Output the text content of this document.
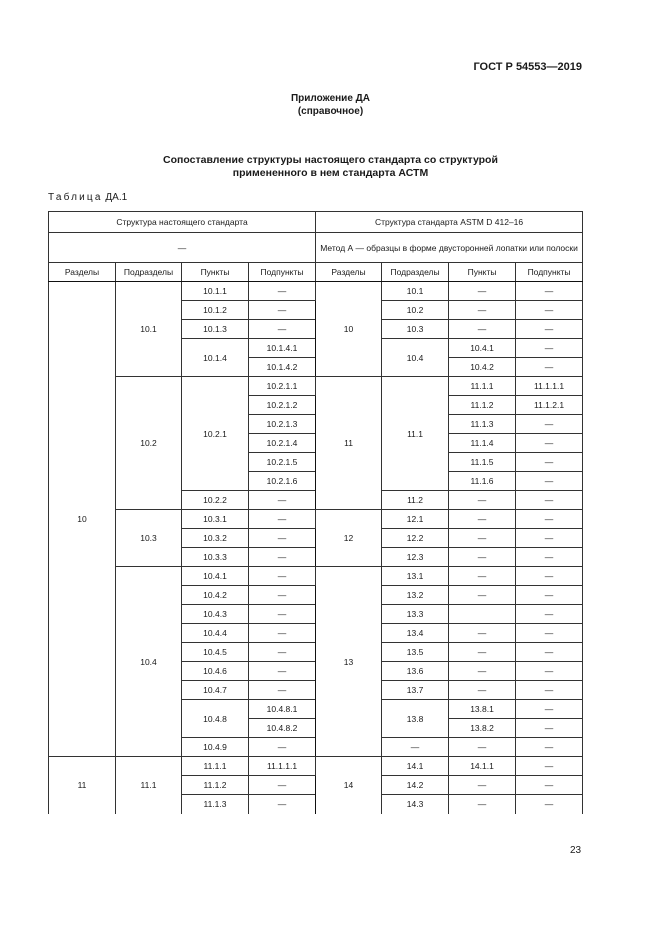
ГОСТ Р 54553—2019
Приложение ДА
(справочное)
Сопоставление структуры настоящего стандарта со структурой
примененного в нем стандарта АСТМ
Таблица ДА.1
Структура настоящего стандарта				Структура стандарта ASTM D 412–16			
—				Метод А — образцы в форме двусторонней лопатки или полоски			
Разделы	Подразделы	Пункты	Подпункты	Разделы	Подразделы	Пункты	Подпункты
10	10.1	10.1.1	—	10	10.1	—	—
		10.1.2	—		10.2	—	—
		10.1.3	—		10.3	—	—
		10.1.4	10.1.4.1		10.4	10.4.1	—
			10.1.4.2			10.4.2	—
	10.2	10.2.1	10.2.1.1	11	11.1	11.1.1	11.1.1.1
			10.2.1.2			11.1.2	11.1.2.1
			10.2.1.3			11.1.3	—
			10.2.1.4			11.1.4	—
			10.2.1.5			11.1.5	—
			10.2.1.6			11.1.6	—
		10.2.2	—		11.2	—	—
	10.3	10.3.1	—	12	12.1	—	—
		10.3.2	—		12.2	—	—
		10.3.3	—		12.3	—	—
	10.4	10.4.1	—	13	13.1	—	—
		10.4.2	—		13.2	—	—
		10.4.3	—		13.3		—
		10.4.4	—		13.4	—	—
		10.4.5	—		13.5	—	—
		10.4.6	—		13.6	—	—
		10.4.7	—		13.7	—	—
		10.4.8	10.4.8.1		13.8	13.8.1	—
			10.4.8.2			13.8.2	—
		10.4.9	—		—	—	—
11	11.1	11.1.1	11.1.1.1	14	14.1	14.1.1	—
		11.1.2	—		14.2	—	—
		11.1.3	—		14.3	—	—
23
